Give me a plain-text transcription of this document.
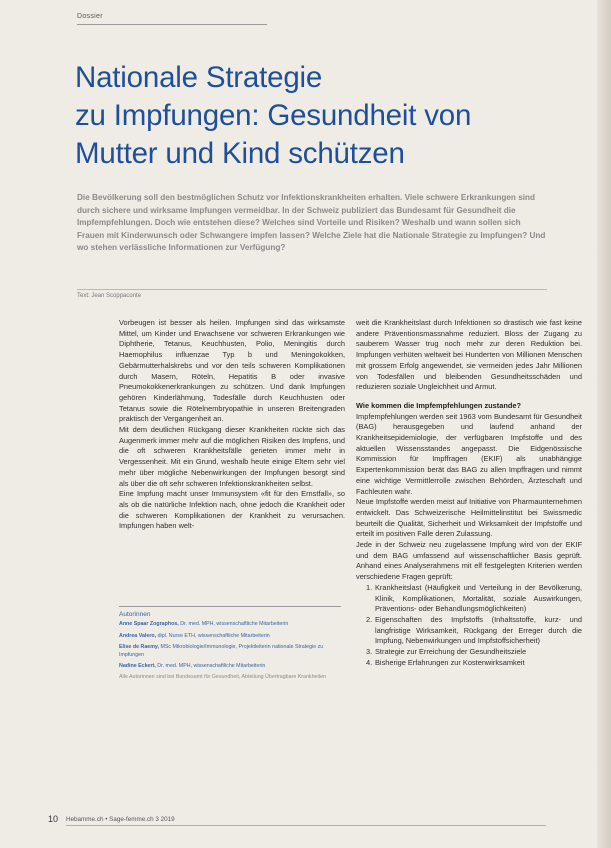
Dossier
Nationale Strategie
zu Impfungen: Gesundheit von
Mutter und Kind schützen

Die Bevölkerung soll den bestmöglichen Schutz vor Infektionskrankheiten erhalten. Viele schwere Erkrankungen sind durch sichere und wirksame Impfungen vermeidbar. In der Schweiz publiziert das Bundesamt für Gesundheit die Impfempfehlungen. Doch wie entstehen diese? Welches sind Vorteile und Risiken? Weshalb und wann sollen sich Frauen mit Kinderwunsch oder Schwangere impfen lassen? Welche Ziele hat die Nationale Strategie zu Impfungen? Und wo stehen verlässliche Informationen zur Verfügung?

Text: Jean Scoppaconte

Vorbeugen ist besser als heilen. Impfungen sind das wirksamste Mittel, um Kinder und Erwachsene vor schweren Erkrankungen wie Diphtherie, Tetanus, Keuchhusten, Polio, Meningitis durch Haemophilus influenzae Typ b und Meningokokken, Gebärmutterhalskrebs und vor den teils schweren Komplikationen durch Masern, Röteln, Hepatitis B oder invasive Pneumokokkenerkrankungen zu schützen. Und dank Impfungen gehören Kinderlähmung, Todesfälle durch Keuchhusten oder Tetanus sowie die Rötelnembryopathie in unseren Breitengraden praktisch der Vergangenheit an.

Mit dem deutlichen Rückgang dieser Krankheiten rückte sich das Augenmerk immer mehr auf die möglichen Risiken des Impfens, und die oft schweren Krankheitsfälle gerieten immer mehr in Vergessenheit. Mit ein Grund, weshalb heute einige Eltern sehr viel mehr über mögliche Nebenwirkungen der Impfungen besorgt sind als über die oft sehr schweren Infektionskrankheiten selbst.

Eine Impfung macht unser Immunsystem «fit für den Ernstfall», so als ob die natürliche Infektion nach, ohne jedoch die Krankheit oder die schweren Komplikationen der Krankheit zu verursachen. Impfungen haben welt-

Autorinnen
Anne Spaar Zographos, Dr. med. MPH, wissenschaftliche Mitarbeiterin
Andrea Valero, dipl. Nurse ETH, wissenschaftliche Mitarbeiterin
Elise de Raemy, MSc Mikrobiologie/Immunologie, Projektleiterin nationale Strategie zu Impfungen
Nadine Eckert, Dr. med. MPH, wissenschaftliche Mitarbeiterin
Alle Autorinnen sind bei Bundesamt für Gesundheit, Abteilung Übertragbare Krankheiten

weit die Krankheitslast durch Infektionen so drastisch wie fast keine andere Präventionsmassnahme reduziert. Bloss der Zugang zu sauberem Wasser trug noch mehr zur deren Reduktion bei. Impfungen verhüten weltweit bei Hunderten von Millionen Menschen mit grossem Erfolg angewendet, sie vermeiden jedes Jahr Millionen von Todesfällen und bleibenden Gesundheitsschäden und reduzieren soziale Ungleichheit und Armut.

Wie kommen die Impfempfehlungen zustande?

Impfempfehlungen werden seit 1963 vom Bundesamt für Gesundheit (BAG) herausgegeben und laufend anhand der Krankheitsepidemiologie, der verfügbaren Impfstoffe und des aktuellen Wissensstandes angepasst. Die Eidgenössische Kommission für Impffragen (EKIF) als unabhängige Expertenkommission berät das BAG zu allen Impffragen und nimmt eine wichtige Vermittlerrolle zwischen Behörden, Ärzteschaft und Fachleuten wahr.

Neue Impfstoffe werden meist auf Initiative von Pharmaunternehmen entwickelt. Das Schweizerische Heilmittelinstitut bei Swissmedic beurteilt die Qualität, Sicherheit und Wirksamkeit der Impfstoffe und erteilt im positiven Falle deren Zulassung.

Jede in der Schweiz neu zugelassene Impfung wird von der EKIF und dem BAG umfassend auf wissenschaftlicher Basis geprüft. Anhand eines Analyserahmens mit elf festgelegten Kriterien werden verschiedene Fragen geprüft:

1. Krankheitslast (Häufigkeit und Verteilung in der Bevölkerung, Klinik, Komplikationen, Mortalität, soziale Auswirkungen, Präventions- oder Behandlungsmöglichkeiten)
2. Eigenschaften des Impfstoffs (Inhaltsstoffe, kurz- und langfristige Wirksamkeit, Rückgang der Erreger durch die Impfung, Nebenwirkungen und Impfstoffsicherheit)
3. Strategie zur Erreichung der Gesundheitsziele
4. Bisherige Erfahrungen zur Kostenwirksamkeit
10 Hebamme.ch • Sage-femme.ch 3 2019
